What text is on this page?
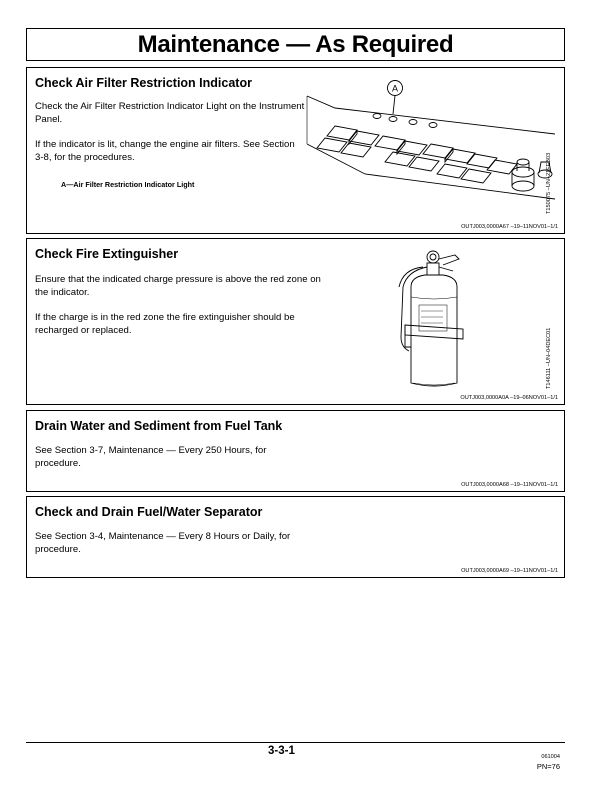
Maintenance — As Required
Check Air Filter Restriction Indicator

Check the Air Filter Restriction Indicator Light on the Instrument Panel.

If the indicator is lit, change the engine air filters. See Section 3-8, for the procedures.

A—Air Filter Restriction Indicator Light
A
T150075 –UN–21FEB03
OUTJ003,0000A67 –19–11NOV01–1/1
Check Fire Extinguisher

Ensure that the indicated charge pressure is above the red zone on the indicator.

If the charge is in the red zone the fire extinguisher should be recharged or replaced.	T146111 –UN–04DEC01
OUTJ003,0000A0A –19–06NOV01–1/1
Drain Water and Sediment from Fuel Tank

See Section 3-7, Maintenance — Every 250 Hours, for procedure.

OUTJ003,0000A68 –19–11NOV01–1/1
Check and Drain Fuel/Water Separator

See Section 3-4, Maintenance — Every 8 Hours or Daily, for procedure.

OUTJ003,0000A69 –19–11NOV01–1/1
3-3-1	061004
PN=76
